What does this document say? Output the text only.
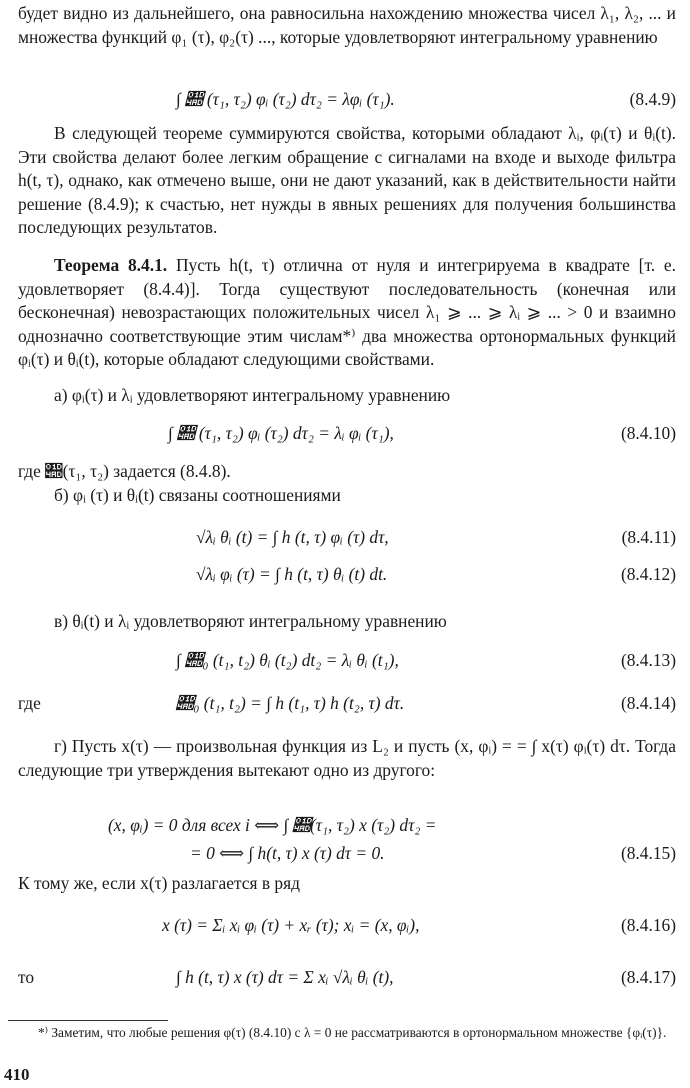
будет видно из дальнейшего, она равносильна нахождению множества чисел λ₁, λ₂, ... и множества функций φ₁ (τ), φ₂(τ) ..., которые удовлетворяют интегральному уравнению

∫ 𝒭 (τ₁, τ₂) φᵢ (τ₂) dτ₂ = λφᵢ (τ₁).	(8.4.9)

В следующей теореме суммируются свойства, которыми обладают λᵢ, φᵢ(τ) и θᵢ(t). Эти свойства делают более легким обращение с сигналами на входе и выходе фильтра h(t, τ), однако, как отмечено выше, они не дают указаний, как в действительности найти решение (8.4.9); к счастью, нет нужды в явных решениях для получения большинства последующих результатов.

Теорема 8.4.1. Пусть h(t, τ) отлична от нуля и интегрируема в квадрате [т. е. удовлетворяет (8.4.4)]. Тогда существуют последовательность (конечная или бесконечная) невозрастающих положительных чисел λ₁ ⩾ ... ⩾ λᵢ ⩾ ... > 0 и взаимно однозначно соответствующие этим числам*⁾ два множества ортонормальных функций φᵢ(τ) и θᵢ(t), которые обладают следующими свойствами.

а) φᵢ(τ) и λᵢ удовлетворяют интегральному уравнению

∫ 𝒭 (τ₁, τ₂) φᵢ (τ₂) dτ₂ = λᵢ φᵢ (τ₁),	(8.4.10)

где 𝒭(τ₁, τ₂) задается (8.4.8).

б) φᵢ (τ) и θᵢ(t) связаны соотношениями

√λᵢ θᵢ (t) = ∫ h (t, τ) φᵢ (τ) dτ,	(8.4.11)
√λᵢ φᵢ (τ) = ∫ h (t, τ) θᵢ (t) dt.	(8.4.12)

в) θᵢ(t) и λᵢ удовлетворяют интегральному уравнению

∫ 𝒭₀ (t₁, t₂) θᵢ (t₂) dt₂ = λᵢ θᵢ (t₁),	(8.4.13)
где	𝒭₀ (t₁, t₂) = ∫ h (t₁, τ) h (t₂, τ) dτ.	(8.4.14)

г) Пусть x(τ) — произвольная функция из L₂ и пусть (x, φᵢ) = = ∫ x(τ) φᵢ(τ) dτ. Тогда следующие три утверждения вытекают одно из другого:

(x, φᵢ) = 0 для всех i ⟺ ∫ 𝒭(τ₁, τ₂) x (τ₂) dτ₂ =
= 0 ⟺ ∫ h(t, τ) x (τ) dτ = 0.	(8.4.15)

К тому же, если x(τ) разлагается в ряд

x (τ) = Σᵢ xᵢ φᵢ (τ) + xᵣ (τ); xᵢ = (x, φᵢ),	(8.4.16)
то	∫ h (t, τ) x (τ) dτ = Σ xᵢ √λᵢ θᵢ (t),	(8.4.17)

*⁾ Заметим, что любые решения φ(τ) (8.4.10) с λ = 0 не рассматриваются в ортонормальном множестве {φᵢ(τ)}.

410
